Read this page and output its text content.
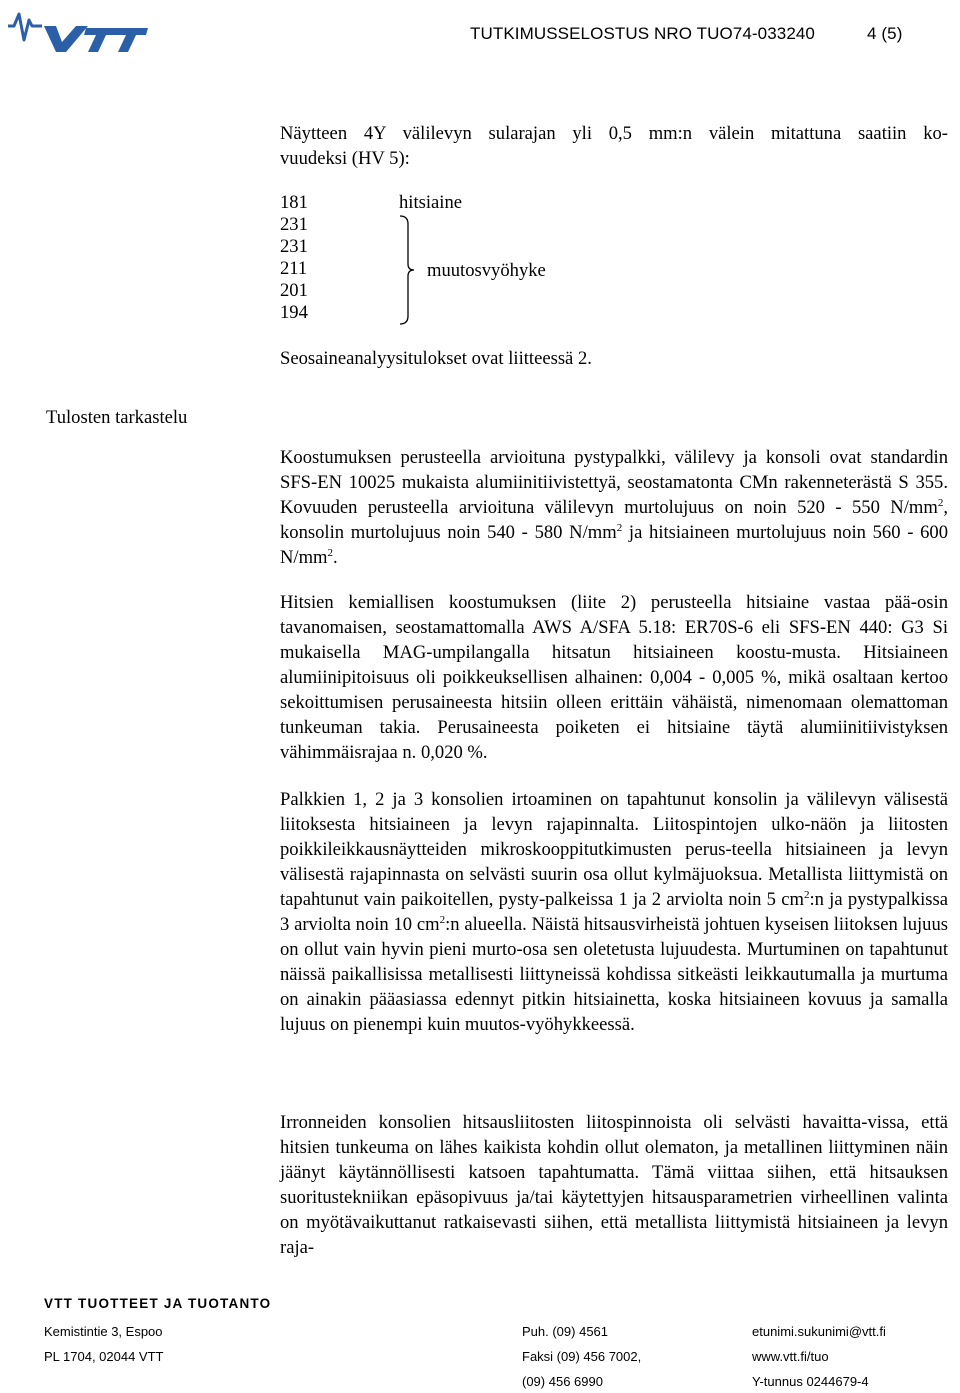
TUTKIMUSSELOSTUS NRO TUO74-033240	4 (5)
Näytteen 4Y välilevyn sularajan yli 0,5 mm:n välein mitattuna saatiin ko-
vuudeksi (HV 5):
181
231
231
211
201
194
hitsiaine
muutosvyöhyke
Seosaineanalyysitulokset ovat liitteessä 2.
Tulosten tarkastelu
Koostumuksen perusteella arvioituna pystypalkki, välilevy ja konsoli ovat standardin SFS-EN 10025 mukaista alumiinitiivistettyä, seostamatonta CMn rakenneterästä S 355. Kovuuden perusteella arvioituna välilevyn murtolujuus on noin 520 - 550 $N/mm^2$, konsolin murtolujuus noin 540 - 580 $N/mm^2$ ja hitsiaineen murtolujuus noin 560 - 600 $N/mm^2$.
Hitsien kemiallisen koostumuksen (liite 2) perusteella hitsiaine vastaa pää-osin tavanomaisen, seostamattomalla AWS A/SFA 5.18: ER70S-6 eli SFS-EN 440: G3 Si mukaisella MAG-umpilangalla hitsatun hitsiaineen koostu-musta. Hitsiaineen alumiinipitoisuus oli poikkeuksellisen alhainen: 0,004 - 0,005 %, mikä osaltaan kertoo sekoittumisen perusaineesta hitsiin olleen erittäin vähäistä, nimenomaan olemattoman tunkeuman takia. Perusaineesta poiketen ei hitsiaine täytä alumiinitiivistyksen vähimmäisrajaa n. 0,020 %.
Palkkien 1, 2 ja 3 konsolien irtoaminen on tapahtunut konsolin ja välilevyn välisestä liitoksesta hitsiaineen ja levyn rajapinnalta. Liitospintojen ulko-näön ja liitosten poikkileikkausnäytteiden mikroskooppitutkimusten perus-teella hitsiaineen ja levyn välisestä rajapinnasta on selvästi suurin osa ollut kylmäjuoksua. Metallista liittymistä on tapahtunut vain paikoitellen, pysty-palkeissa 1 ja 2 arviolta noin 5 $cm^2:n$ ja pystypalkissa 3 arviolta noin 10 $cm^2:n$ alueella. Näistä hitsausvirheistä johtuen kyseisen liitoksen lujuus on ollut vain hyvin pieni murto-osa sen oletetusta lujuudesta. Murtuminen on tapahtunut näissä paikallisissa metallisesti liittyneissä kohdissa sitkeästi leikkautumalla ja murtuma on ainakin pääasiassa edennyt pitkin hitsiainetta, koska hitsiaineen kovuus ja samalla lujuus on pienempi kuin muutos-vyöhykkeessä.
Irronneiden konsolien hitsausliitosten liitospinnoista oli selvästi havaitta-vissa, että hitsien tunkeuma on lähes kaikista kohdin ollut olematon, ja metallinen liittyminen näin jäänyt käytännöllisesti katsoen tapahtumatta. Tämä viittaa siihen, että hitsauksen suoritustekniikan epäsopivuus ja/tai käytettyjen hitsausparametrien virheellinen valinta on myötävaikuttanut ratkaisevasti siihen, että metallista liittymistä hitsiaineen ja levyn raja-
VTT TUOTTEET JA TUOTANTO
Kemistintie 3, Espoo
PL 1704, 02044 VTT
Puh. (09) 4561
Faksi (09) 456 7002,
(09) 456 6990
etunimi.sukunimi@vtt.fi
www.vtt.fi/tuo
Y-tunnus 0244679-4
